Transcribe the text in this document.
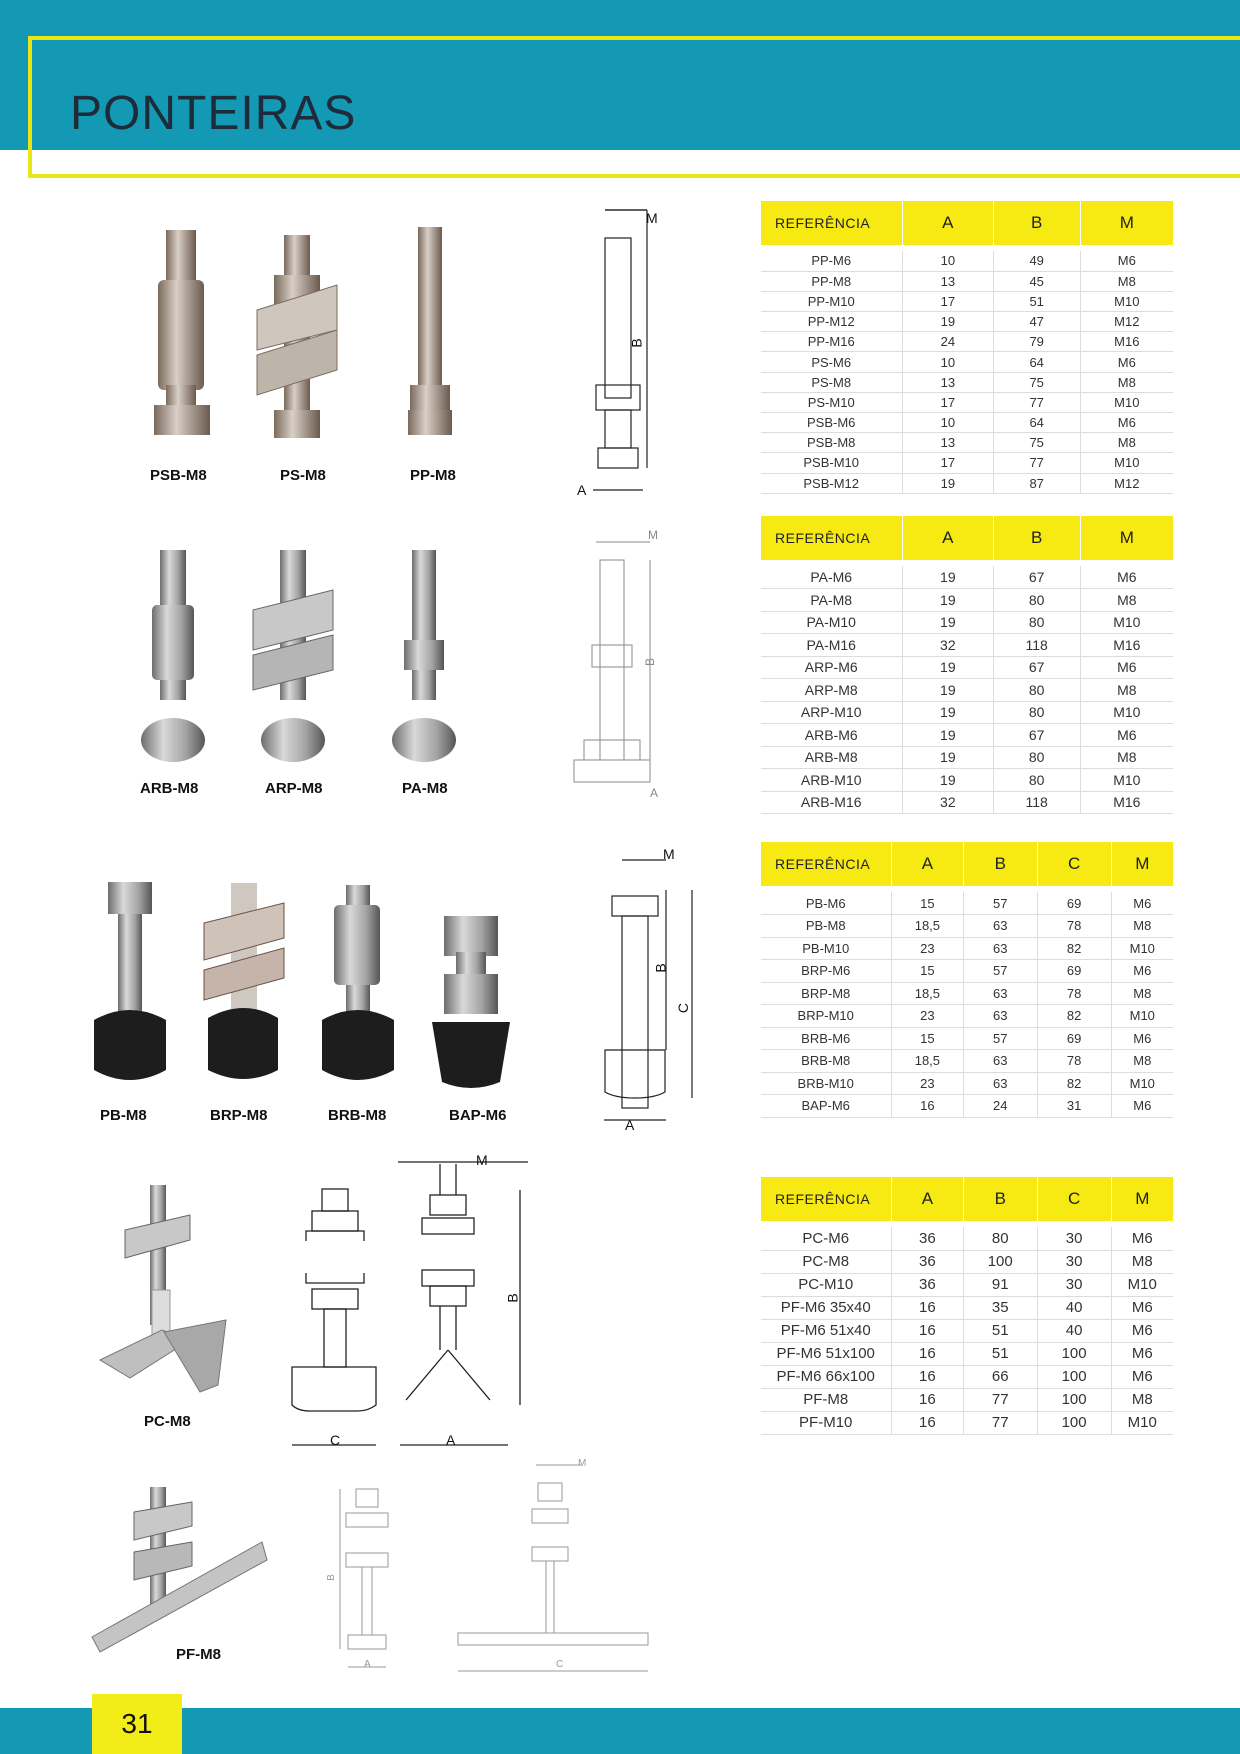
PONTEIRAS
PSB-M8	PS-M8	PP-M8
M
B
A
REFERÊNCIA	A	B	M

PP-M6	10	49	M6
PP-M8	13	45	M8
PP-M10	17	51	M10
PP-M12	19	47	M12
PP-M16	24	79	M16
PS-M6	10	64	M6
PS-M8	13	75	M8
PS-M10	17	77	M10
PSB-M6	10	64	M6
PSB-M8	13	75	M8
PSB-M10	17	77	M10
PSB-M12	19	87	M12
ARB-M8	ARP-M8	PA-M8
M
B
A
REFERÊNCIA	A	B	M

PA-M6	19	67	M6
PA-M8	19	80	M8
PA-M10	19	80	M10
PA-M16	32	118	M16
ARP-M6	19	67	M6
ARP-M8	19	80	M8
ARP-M10	19	80	M10
ARB-M6	19	67	M6
ARB-M8	19	80	M8
ARB-M10	19	80	M10
ARB-M16	32	118	M16
PB-M8	BRP-M8	BRB-M8	BAP-M6
M
B
C
A
REFERÊNCIA	A	B	C	M

PB-M6	15	57	69	M6
PB-M8	18,5	63	78	M8
PB-M10	23	63	82	M10
BRP-M6	15	57	69	M6
BRP-M8	18,5	63	78	M8
BRP-M10	23	63	82	M10
BRB-M6	15	57	69	M6
BRB-M8	18,5	63	78	M8
BRB-M10	23	63	82	M10
BAP-M6	16	24	31	M6
PC-M8
C
M
B
A
PF-M8
B
A
M
C
REFERÊNCIA	A	B	C	M

PC-M6	36	80	30	M6
PC-M8	36	100	30	M8
PC-M10	36	91	30	M10
PF-M6 35x40	16	35	40	M6
PF-M6 51x40	16	51	40	M6
PF-M6 51x100	16	51	100	M6
PF-M6 66x100	16	66	100	M6
PF-M8	16	77	100	M8
PF-M10	16	77	100	M10
31
